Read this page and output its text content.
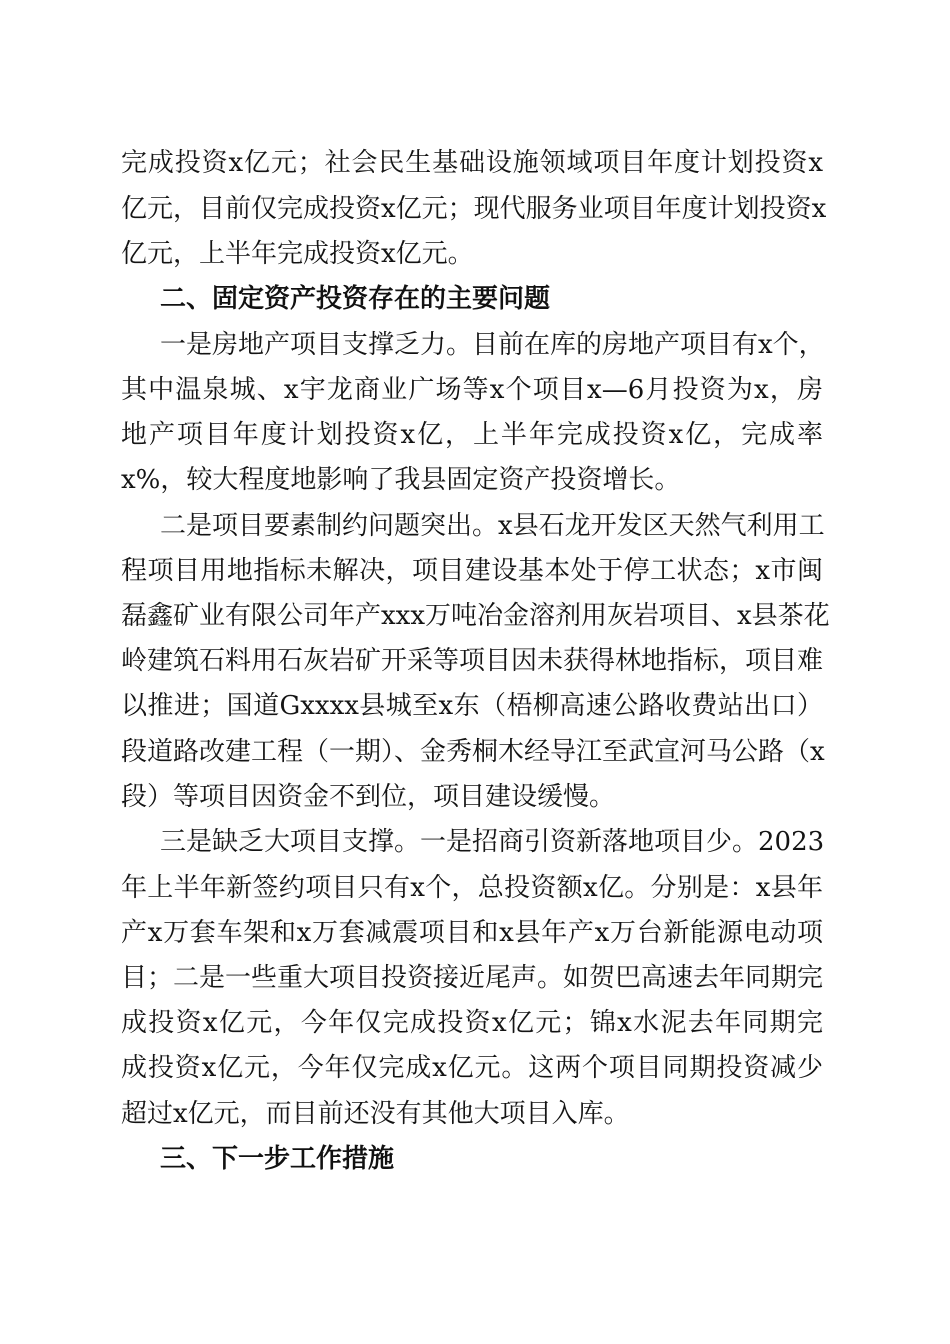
完成投资x亿元；社会民生基础设施领域项目年度计划投资x
亿元，目前仅完成投资x亿元；现代服务业项目年度计划投资x
亿元，上半年完成投资x亿元。
二、固定资产投资存在的主要问题
一是房地产项目支撑乏力。目前在库的房地产项目有x个，
其中温泉城、x宇龙商业广场等x个项目x—6月投资为x，房
地产项目年度计划投资x亿，上半年完成投资x亿，完成率
x%，较大程度地影响了我县固定资产投资增长。
二是项目要素制约问题突出。x县石龙开发区天然气利用工
程项目用地指标未解决，项目建设基本处于停工状态；x市闽
磊鑫矿业有限公司年产xxx万吨冶金溶剂用灰岩项目、x县茶花
岭建筑石料用石灰岩矿开采等项目因未获得林地指标，项目难
以推进；国道Gxxxx县城至x东（梧柳高速公路收费站出口）
段道路改建工程（一期）、金秀桐木经导江至武宣河马公路（x
段）等项目因资金不到位，项目建设缓慢。
三是缺乏大项目支撑。一是招商引资新落地项目少。2023
年上半年新签约项目只有x个，总投资额x亿。分别是：x县年
产x万套车架和x万套减震项目和x县年产x万台新能源电动项
目；二是一些重大项目投资接近尾声。如贺巴高速去年同期完
成投资x亿元，今年仅完成投资x亿元；锦x水泥去年同期完
成投资x亿元，今年仅完成x亿元。这两个项目同期投资减少
超过x亿元，而目前还没有其他大项目入库。
三、下一步工作措施
